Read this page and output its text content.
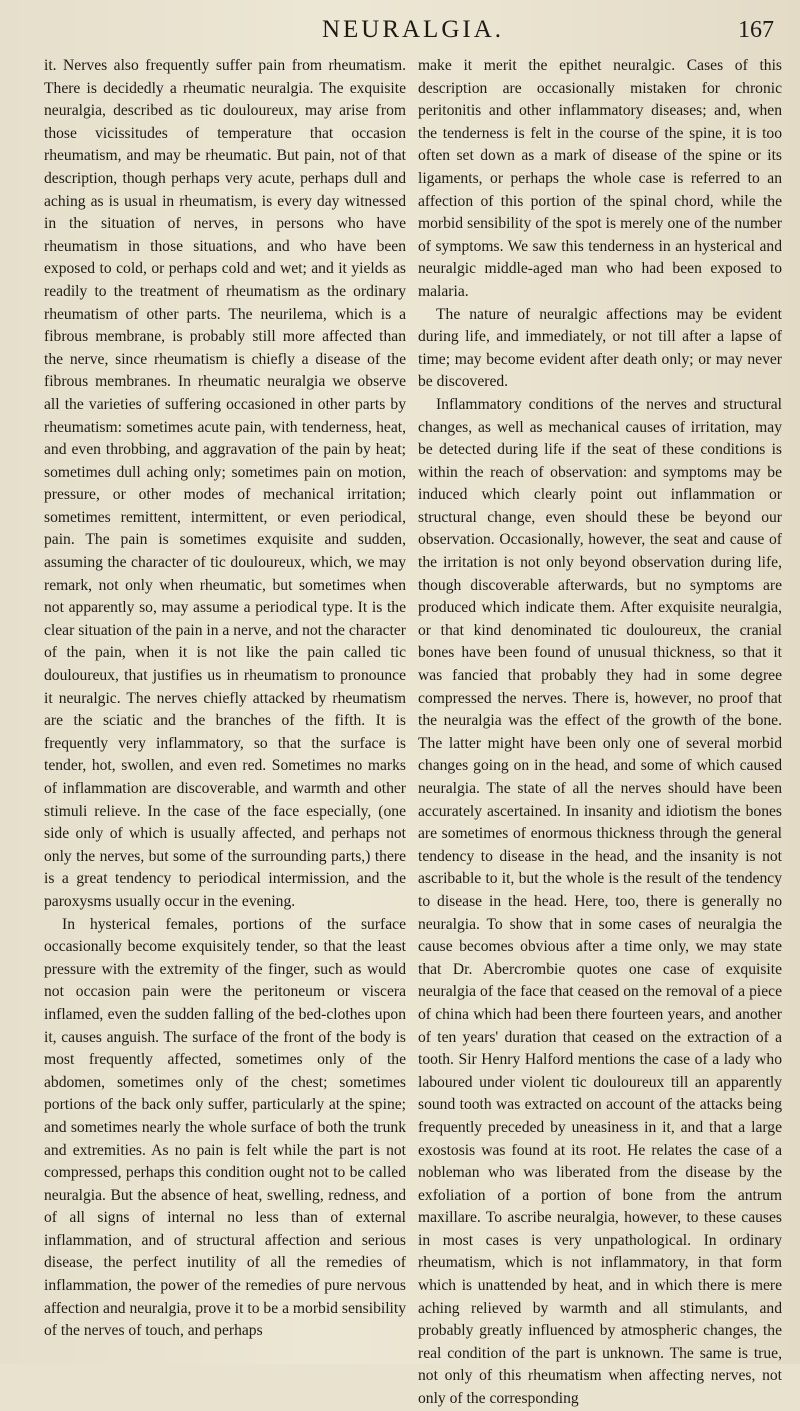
NEURALGIA.	167

it. Nerves also frequently suffer pain from rheumatism. There is decidedly a rheumatic neuralgia. The exquisite neuralgia, described as tic douloureux, may arise from those vicissitudes of temperature that occasion rheumatism, and may be rheumatic. But pain, not of that description, though perhaps very acute, perhaps dull and aching as is usual in rheumatism, is every day witnessed in the situation of nerves, in persons who have rheumatism in those situations, and who have been exposed to cold, or perhaps cold and wet; and it yields as readily to the treatment of rheumatism as the ordinary rheumatism of other parts. The neurilema, which is a fibrous membrane, is probably still more affected than the nerve, since rheumatism is chiefly a disease of the fibrous membranes. In rheumatic neuralgia we observe all the varieties of suffering occasioned in other parts by rheumatism: sometimes acute pain, with tenderness, heat, and even throbbing, and aggravation of the pain by heat; sometimes dull aching only; sometimes pain on motion, pressure, or other modes of mechanical irritation; sometimes remittent, intermittent, or even periodical, pain. The pain is sometimes exquisite and sudden, assuming the character of tic douloureux, which, we may remark, not only when rheumatic, but sometimes when not apparently so, may assume a periodical type. It is the clear situation of the pain in a nerve, and not the character of the pain, when it is not like the pain called tic douloureux, that justifies us in rheumatism to pronounce it neuralgic. The nerves chiefly attacked by rheumatism are the sciatic and the branches of the fifth. It is frequently very inflammatory, so that the surface is tender, hot, swollen, and even red. Sometimes no marks of inflammation are discoverable, and warmth and other stimuli relieve. In the case of the face especially, (one side only of which is usually affected, and perhaps not only the nerves, but some of the surrounding parts,) there is a great tendency to periodical intermission, and the paroxysms usually occur in the evening.

In hysterical females, portions of the surface occasionally become exquisitely tender, so that the least pressure with the extremity of the finger, such as would not occasion pain were the peritoneum or viscera inflamed, even the sudden falling of the bed-clothes upon it, causes anguish. The surface of the front of the body is most frequently affected, sometimes only of the abdomen, sometimes only of the chest; sometimes portions of the back only suffer, particularly at the spine; and sometimes nearly the whole surface of both the trunk and extremities. As no pain is felt while the part is not compressed, perhaps this condition ought not to be called neuralgia. But the absence of heat, swelling, redness, and of all signs of internal no less than of external inflammation, and of structural affection and serious disease, the perfect inutility of all the remedies of inflammation, the power of the remedies of pure nervous affection and neuralgia, prove it to be a morbid sensibility of the nerves of touch, and perhaps

make it merit the epithet neuralgic. Cases of this description are occasionally mistaken for chronic peritonitis and other inflammatory diseases; and, when the tenderness is felt in the course of the spine, it is too often set down as a mark of disease of the spine or its ligaments, or perhaps the whole case is referred to an affection of this portion of the spinal chord, while the morbid sensibility of the spot is merely one of the number of symptoms. We saw this tenderness in an hysterical and neuralgic middle-aged man who had been exposed to malaria.

The nature of neuralgic affections may be evident during life, and immediately, or not till after a lapse of time; may become evident after death only; or may never be discovered.

Inflammatory conditions of the nerves and structural changes, as well as mechanical causes of irritation, may be detected during life if the seat of these conditions is within the reach of observation: and symptoms may be induced which clearly point out inflammation or structural change, even should these be beyond our observation. Occasionally, however, the seat and cause of the irritation is not only beyond observation during life, though discoverable afterwards, but no symptoms are produced which indicate them. After exquisite neuralgia, or that kind denominated tic douloureux, the cranial bones have been found of unusual thickness, so that it was fancied that probably they had in some degree compressed the nerves. There is, however, no proof that the neuralgia was the effect of the growth of the bone. The latter might have been only one of several morbid changes going on in the head, and some of which caused neuralgia. The state of all the nerves should have been accurately ascertained. In insanity and idiotism the bones are sometimes of enormous thickness through the general tendency to disease in the head, and the insanity is not ascribable to it, but the whole is the result of the tendency to disease in the head. Here, too, there is generally no neuralgia. To show that in some cases of neuralgia the cause becomes obvious after a time only, we may state that Dr. Abercrombie quotes one case of exquisite neuralgia of the face that ceased on the removal of a piece of china which had been there fourteen years, and another of ten years' duration that ceased on the extraction of a tooth. Sir Henry Halford mentions the case of a lady who laboured under violent tic douloureux till an apparently sound tooth was extracted on account of the attacks being frequently preceded by uneasiness in it, and that a large exostosis was found at its root. He relates the case of a nobleman who was liberated from the disease by the exfoliation of a portion of bone from the antrum maxillare. To ascribe neuralgia, however, to these causes in most cases is very unpathological. In ordinary rheumatism, which is not inflammatory, in that form which is unattended by heat, and in which there is mere aching relieved by warmth and all stimulants, and probably greatly influenced by atmospheric changes, the real condition of the part is unknown. The same is true, not only of this rheumatism when affecting nerves, not only of the corresponding
